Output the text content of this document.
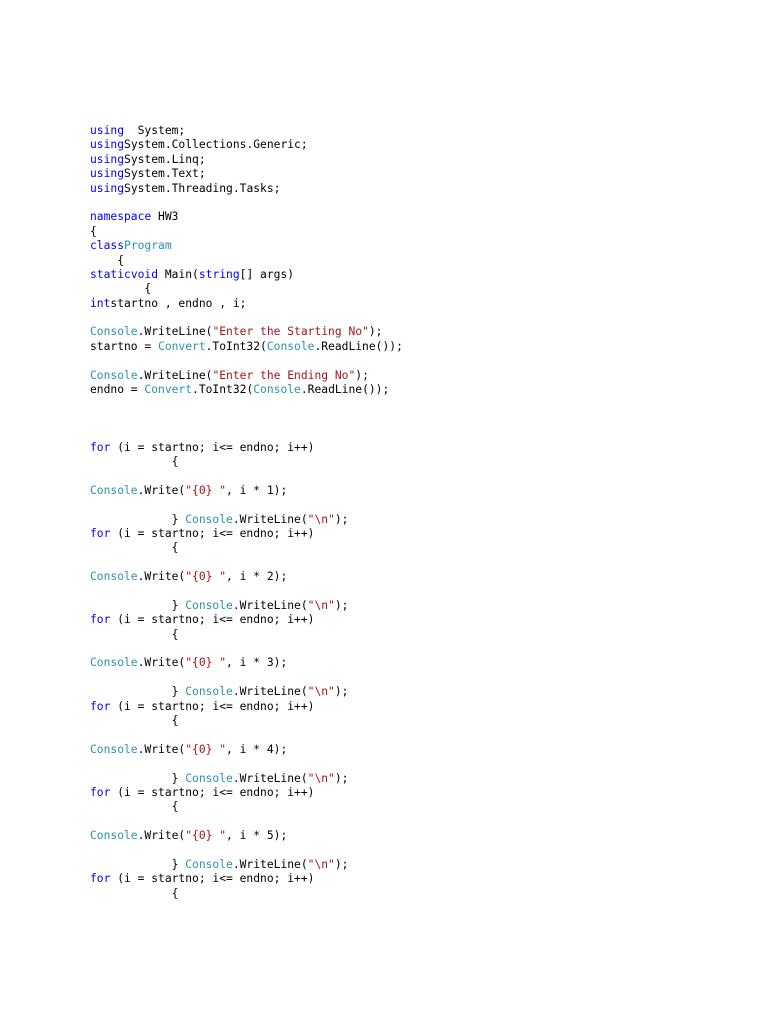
using  System;
usingSystem.Collections.Generic;
usingSystem.Linq;
usingSystem.Text;
usingSystem.Threading.Tasks;
namespace HW3
{
classProgram
{
staticvoid Main(string[] args)
{
intstartno , endno , i;
Console.WriteLine("Enter the Starting No");
startno = Convert.ToInt32(Console.ReadLine());
Console.WriteLine("Enter the Ending No");
endno = Convert.ToInt32(Console.ReadLine());
for (i = startno; i<= endno; i++)
{
Console.Write("{0} ", i * 1);
} Console.WriteLine("\n");
for (i = startno; i<= endno; i++)
{
Console.Write("{0} ", i * 2);
} Console.WriteLine("\n");
for (i = startno; i<= endno; i++)
{
Console.Write("{0} ", i * 3);
} Console.WriteLine("\n");
for (i = startno; i<= endno; i++)
{
Console.Write("{0} ", i * 4);
} Console.WriteLine("\n");
for (i = startno; i<= endno; i++)
{
Console.Write("{0} ", i * 5);
} Console.WriteLine("\n");
for (i = startno; i<= endno; i++)
{
